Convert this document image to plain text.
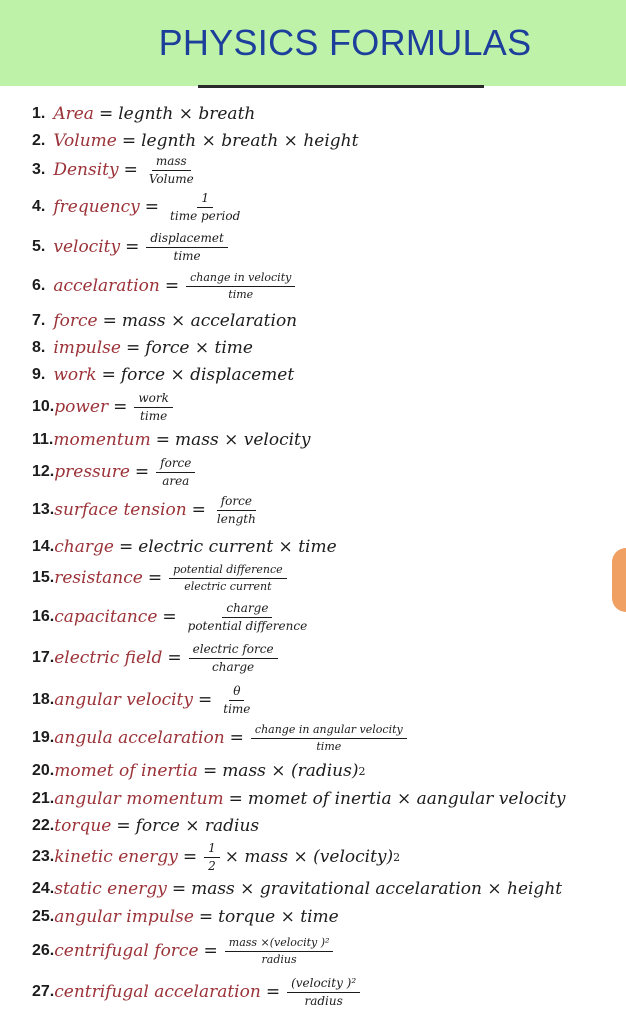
PHYSICS FORMULAS
1. Area = legnth × breath
2. Volume = legnth × breath × height
3. Density = $\frac{\text{mass}}{\text{Volume}}$
4. frequency = $\frac{1}{\text{time period}}$
5. velocity = $\frac{\text{displacemet}}{\text{time}}$
6. accelaration = $\frac{\text{change in velocity}}{\text{time}}$
7. force = mass × accelaration
8. impulse = force × time
9. work = force × displacemet
10. power = $\frac{\text{work}}{\text{time}}$
11. momentum = mass × velocity
12. pressure = $\frac{\text{force}}{\text{area}}$
13. surface tension = $\frac{\text{force}}{\text{length}}$
14. charge = electric current × time
15. resistance = $\frac{\text{potential difference}}{\text{electric current}}$
16. capacitance = $\frac{\text{charge}}{\text{potential difference}}$
17. electric field = $\frac{\text{electric force}}{\text{charge}}$
18. angular velocity = $\frac{\theta}{\text{time}}$
19. angula accelaration = $\frac{\text{change in angular velocity}}{\text{time}}$
20. momet of inertia = mass × (radius) 2
21. angular momentum = momet of inertia × aangular velocity
22. torque = force × radius
23. kinetic energy = $\frac{1}{2}$ × mass × (velocity) 2
24. static energy = mass × gravitational accelaration × height
25. angular impulse = torque × time
26. centrifugal force = $\frac{\text{mass ×(velocity )²}}{\text{radius}}$
27. centrifugal accelaration = $\frac{\text{(velocity )²}}{\text{radius}}$
